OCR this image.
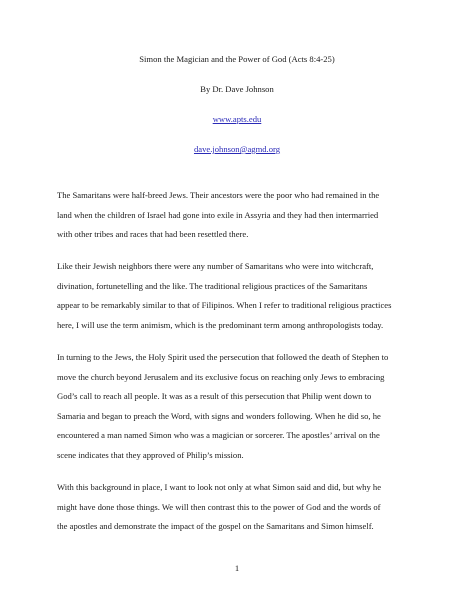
Simon the Magician and the Power of God (Acts 8:4-25)
By Dr. Dave Johnson
www.apts.edu
dave.johnson@agmd.org
The Samaritans were half-breed Jews. Their ancestors were the poor who had remained in the
land when the children of Israel had gone into exile in Assyria and they had then intermarried
with other tribes and races that had been resettled there.
Like their Jewish neighbors there were any number of Samaritans who were into witchcraft,
divination, fortunetelling and the like. The traditional religious practices of the Samaritans
appear to be remarkably similar to that of Filipinos. When I refer to traditional religious practices
here, I will use the term animism, which is the predominant term among anthropologists today.
In turning to the Jews, the Holy Spirit used the persecution that followed the death of Stephen to
move the church beyond Jerusalem and its exclusive focus on reaching only Jews to embracing
God’s call to reach all people. It was as a result of this persecution that Philip went down to
Samaria and began to preach the Word, with signs and wonders following. When he did so, he
encountered a man named Simon who was a magician or sorcerer. The apostles’ arrival on the
scene indicates that they approved of Philip’s mission.
With this background in place, I want to look not only at what Simon said and did, but why he
might have done those things. We will then contrast this to the power of God and the words of
the apostles and demonstrate the impact of the gospel on the Samaritans and Simon himself.
1
